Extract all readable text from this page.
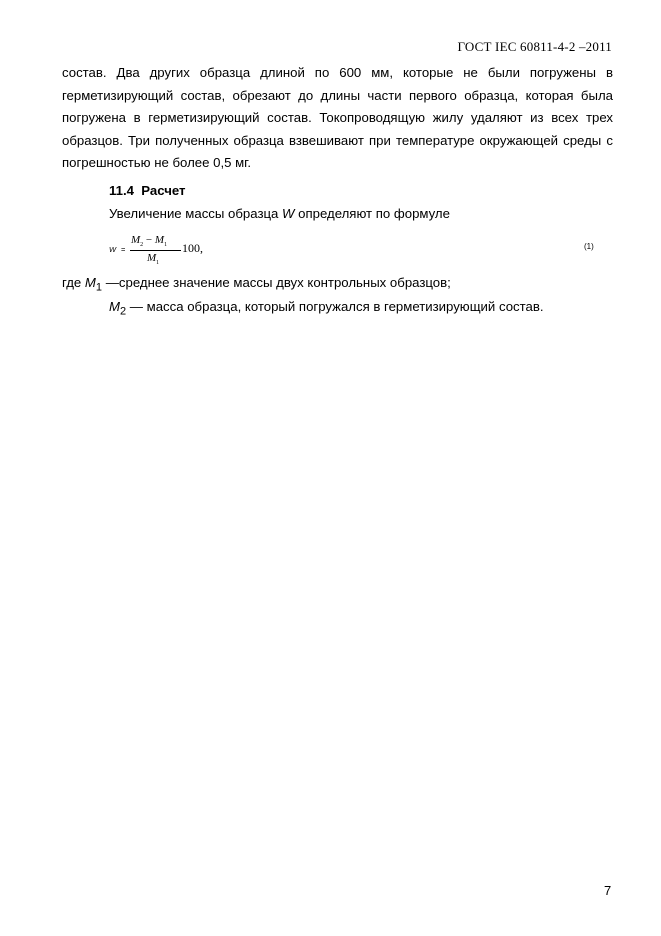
ГОСТ IEC 60811-4-2 –2011
состав. Два других образца длиной по 600 мм, которые не были погружены в
герметизирующий состав, обрезают до длины части первого образца, которая была
погружена в герметизирующий состав. Токопроводящую жилу удаляют из всех трех
образцов. Три полученных образца взвешивают при температуре окружающей среды с
погрешностью не более 0,5 мг.
11.4 Расчет
Увеличение массы образца W определяют по формуле
W =
$M_2 - M_1$
$M_1$
100,	(1)
где $M_1$ —среднее значение массы двух контрольных образцов;
$M_2$ — масса образца, который погружался в герметизирующий состав.
7
